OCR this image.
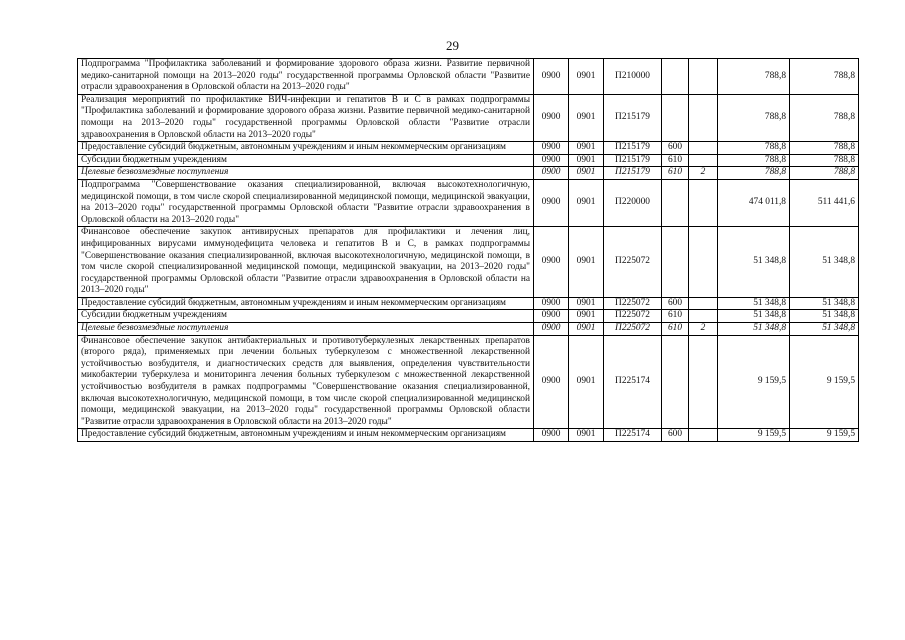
29
Подпрограмма "Профилактика заболеваний и формирование здорового образа жизни. Развитие первичной медико-санитарной помощи на 2013–2020 годы" государственной программы Орловской области "Развитие отрасли здравоохранения в Орловской области на 2013–2020 годы"	0900	0901	П210000			788,8	788,8
Реализация мероприятий по профилактике ВИЧ-инфекции и гепатитов В и С в рамках подпрограммы "Профилактика заболеваний и формирование здорового образа жизни. Развитие первичной медико-санитарной помощи на 2013–2020 годы" государственной программы Орловской области "Развитие отрасли здравоохранения в Орловской области на 2013–2020 годы"	0900	0901	П215179			788,8	788,8
Предоставление субсидий бюджетным, автономным учреждениям и иным некоммерческим организациям	0900	0901	П215179	600		788,8	788,8
Субсидии бюджетным учреждениям	0900	0901	П215179	610		788,8	788,8
Целевые безвозмездные поступления	0900	0901	П215179	610	2	788,8	788,8
Подпрограмма "Совершенствование оказания специализированной, включая высокотехнологичную, медицинской помощи, в том числе скорой специализированной медицинской помощи, медицинской эвакуации, на 2013–2020 годы" государственной программы Орловской области "Развитие отрасли здравоохранения в Орловской области на 2013–2020 годы"	0900	0901	П220000			474 011,8	511 441,6
Финансовое обеспечение закупок антивирусных препаратов для профилактики и лечения лиц, инфицированных вирусами иммунодефицита человека и гепатитов В и С, в рамках подпрограммы "Совершенствование оказания специализированной, включая высокотехнологичную, медицинской помощи, в том числе скорой специализированной медицинской помощи, медицинской эвакуации, на 2013–2020 годы" государственной программы Орловской области "Развитие отрасли здравоохранения в Орловской области на 2013–2020 годы"	0900	0901	П225072			51 348,8	51 348,8
Предоставление субсидий бюджетным, автономным учреждениям и иным некоммерческим организациям	0900	0901	П225072	600		51 348,8	51 348,8
Субсидии бюджетным учреждениям	0900	0901	П225072	610		51 348,8	51 348,8
Целевые безвозмездные поступления	0900	0901	П225072	610	2	51 348,8	51 348,8
Финансовое обеспечение закупок антибактериальных и противотуберкулезных лекарственных препаратов (второго ряда), применяемых при лечении больных туберкулезом с множественной лекарственной устойчивостью возбудителя, и диагностических средств для выявления, определения чувствительности микобактерии туберкулеза и мониторинга лечения больных туберкулезом с множественной лекарственной устойчивостью возбудителя в рамках подпрограммы "Совершенствование оказания специализированной, включая высокотехнологичную, медицинской помощи, в том числе скорой специализированной медицинской помощи, медицинской эвакуации, на 2013–2020 годы" государственной программы Орловской области "Развитие отрасли здравоохранения в Орловской области на 2013–2020 годы"	0900	0901	П225174			9 159,5	9 159,5
Предоставление субсидий бюджетным, автономным учреждениям и иным некоммерческим организациям	0900	0901	П225174	600		9 159,5	9 159,5
